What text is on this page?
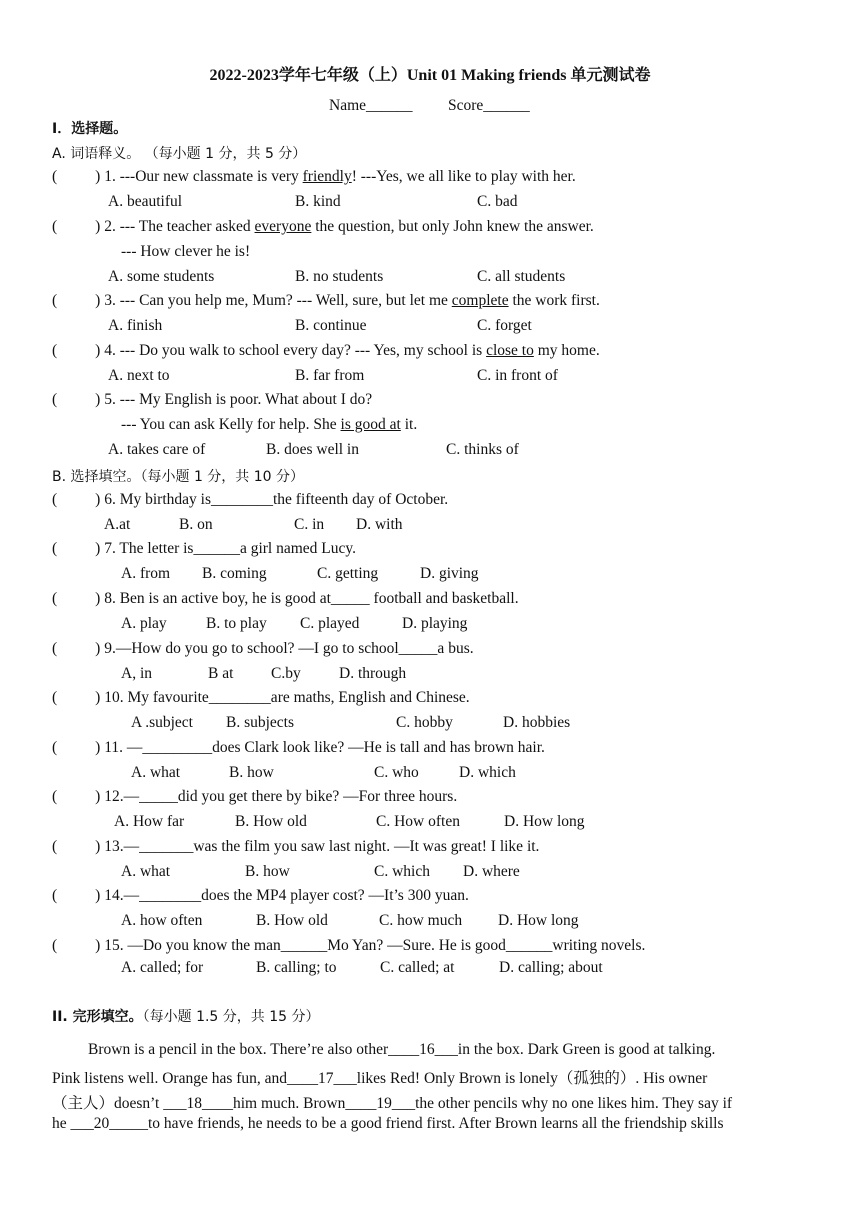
2022-2023学年七年级（上）Unit 01 Making friends 单元测试卷
Name______ Score______
I．选择题。
A. 词语释义。 （每小题 1 分，共 5 分）
( ) 1. ---Our new classmate is very friendly! ---Yes, we all like to play with her.
A. beautiful	B. kind	C. bad
( ) 2. --- The teacher asked everyone the question, but only John knew the answer.
--- How clever he is!
A. some students	B. no students	C. all students
( ) 3. --- Can you help me, Mum? --- Well, sure, but let me complete the work first.
A. finish	B. continue	C. forget
( ) 4. --- Do you walk to school every day? --- Yes, my school is close to my home.
A. next to	B. far from	C. in front of
( ) 5. --- My English is poor. What about I do?
--- You can ask Kelly for help. She is good at it.
A. takes care of	B. does well in	C. thinks of
B. 选择填空。（每小题 1 分，共 10 分）
( ) 6. My birthday is________the fifteenth day of October.
A.at	B. on	C. in D. with
( ) 7. The letter is______a girl named Lucy.
A. from B. coming	C. getting	D. giving
( ) 8. Ben is an active boy, he is good at_____ football and basketball.
A. play	B. to play C. played	D. playing
( ) 9.—How do you go to school? —I go to school_____a bus.
A, in	B at C.by D. through
( ) 10. My favourite________are maths, English and Chinese.
A .subject B. subjects	C. hobby	D. hobbies
( ) 11. —_________does Clark look like? —He is tall and has brown hair.
A. what	B. how	C. who	D. which
( ) 12.—_____did you get there by bike? —For three hours.
A. How far	B. How old	C. How often	D. How long
( ) 13.—_______was the film you saw last night. —It was great! I like it.
A. what	B. how	C. which D. where
( ) 14.—________does the MP4 player cost? —It’s 300 yuan.
A. how often	B. How old	C. how much D. How long
( ) 15. —Do you know the man______Mo Yan? —Sure. He is good______writing novels.
A. called; for	B. calling; to	C. called; at	D. calling; about
II. 完形填空。（每小题 1.5 分，共 15 分）
Brown is a pencil in the box. There’re also other____16___in the box. Dark Green is good at talking.
Pink listens well. Orange has fun, and____17___likes Red! Only Brown is lonely（孤独的）. His owner
（主人）doesn’t ___18____him much. Brown____19___the other pencils why no one likes him. They say if
he ___20_____to have friends, he needs to be a good friend first. After Brown learns all the friendship skills
